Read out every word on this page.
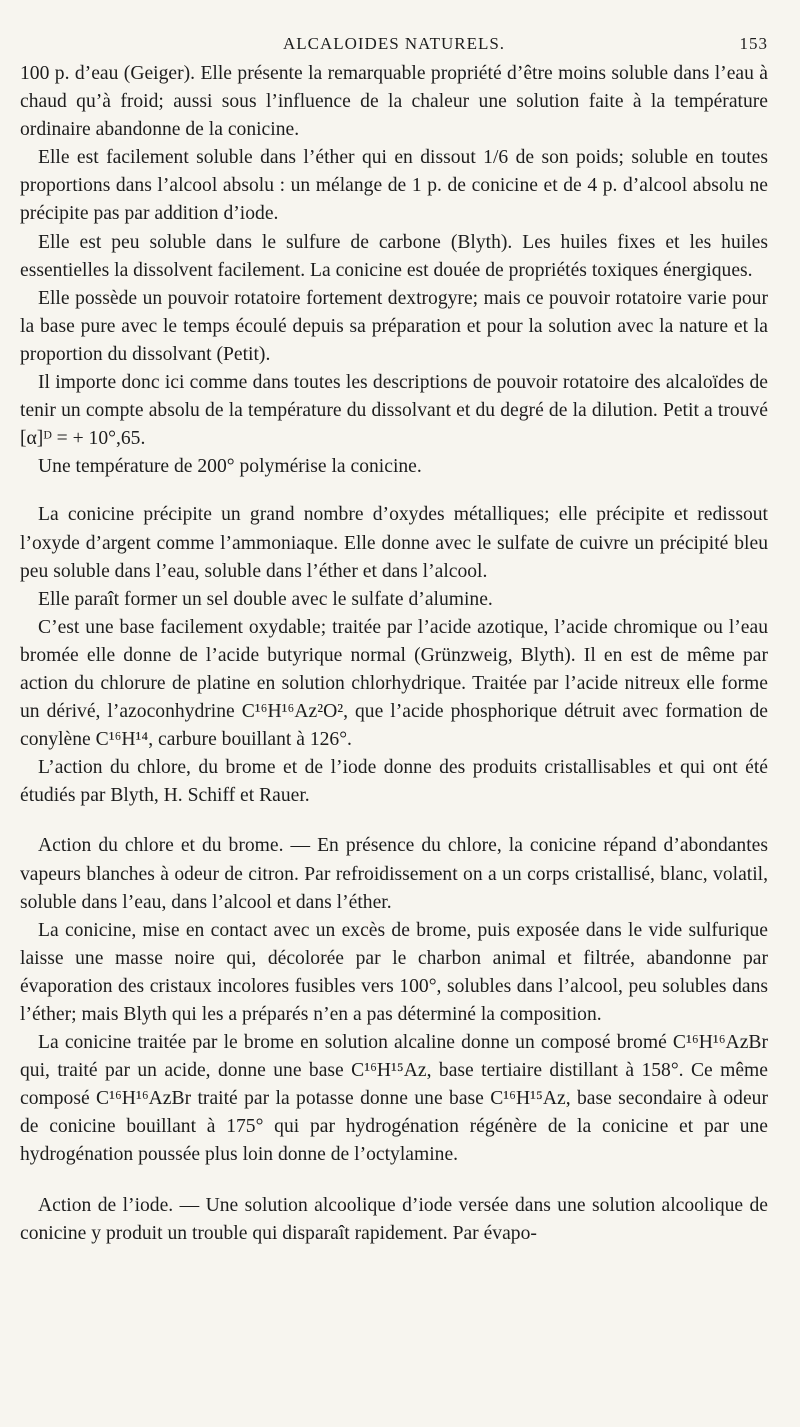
ALCALOIDES NATURELS.	153

100 p. d’eau (Geiger). Elle présente la remarquable propriété d’être moins soluble dans l’eau à chaud qu’à froid; aussi sous l’influence de la chaleur une solution faite à la température ordinaire abandonne de la conicine.

Elle est facilement soluble dans l’éther qui en dissout 1/6 de son poids; soluble en toutes proportions dans l’alcool absolu : un mélange de 1 p. de conicine et de 4 p. d’alcool absolu ne précipite pas par addition d’iode.

Elle est peu soluble dans le sulfure de carbone (Blyth). Les huiles fixes et les huiles essentielles la dissolvent facilement. La conicine est douée de propriétés toxiques énergiques.

Elle possède un pouvoir rotatoire fortement dextrogyre; mais ce pouvoir rotatoire varie pour la base pure avec le temps écoulé depuis sa préparation et pour la solution avec la nature et la proportion du dissolvant (Petit).

Il importe donc ici comme dans toutes les descriptions de pouvoir rotatoire des alcaloïdes de tenir un compte absolu de la température du dissolvant et du degré de la dilution. Petit a trouvé [α]ᴰ = + 10°,65.

Une température de 200° polymérise la conicine.

La conicine précipite un grand nombre d’oxydes métalliques; elle précipite et redissout l’oxyde d’argent comme l’ammoniaque. Elle donne avec le sulfate de cuivre un précipité bleu peu soluble dans l’eau, soluble dans l’éther et dans l’alcool.

Elle paraît former un sel double avec le sulfate d’alumine.

C’est une base facilement oxydable; traitée par l’acide azotique, l’acide chromique ou l’eau bromée elle donne de l’acide butyrique normal (Grünzweig, Blyth). Il en est de même par action du chlorure de platine en solution chlorhydrique. Traitée par l’acide nitreux elle forme un dérivé, l’azoconhydrine C¹⁶H¹⁶Az²O², que l’acide phosphorique détruit avec formation de conylène C¹⁶H¹⁴, carbure bouillant à 126°.

L’action du chlore, du brome et de l’iode donne des produits cristallisables et qui ont été étudiés par Blyth, H. Schiff et Rauer.

Action du chlore et du brome. — En présence du chlore, la conicine répand d’abondantes vapeurs blanches à odeur de citron. Par refroidissement on a un corps cristallisé, blanc, volatil, soluble dans l’eau, dans l’alcool et dans l’éther.

La conicine, mise en contact avec un excès de brome, puis exposée dans le vide sulfurique laisse une masse noire qui, décolorée par le charbon animal et filtrée, abandonne par évaporation des cristaux incolores fusibles vers 100°, solubles dans l’alcool, peu solubles dans l’éther; mais Blyth qui les a préparés n’en a pas déterminé la composition.

La conicine traitée par le brome en solution alcaline donne un composé bromé C¹⁶H¹⁶AzBr qui, traité par un acide, donne une base C¹⁶H¹⁵Az, base tertiaire distillant à 158°. Ce même composé C¹⁶H¹⁶AzBr traité par la potasse donne une base C¹⁶H¹⁵Az, base secondaire à odeur de conicine bouillant à 175° qui par hydrogénation régénère de la conicine et par une hydrogénation poussée plus loin donne de l’octylamine.

Action de l’iode. — Une solution alcoolique d’iode versée dans une solution alcoolique de conicine y produit un trouble qui disparaît rapidement. Par évapo-
